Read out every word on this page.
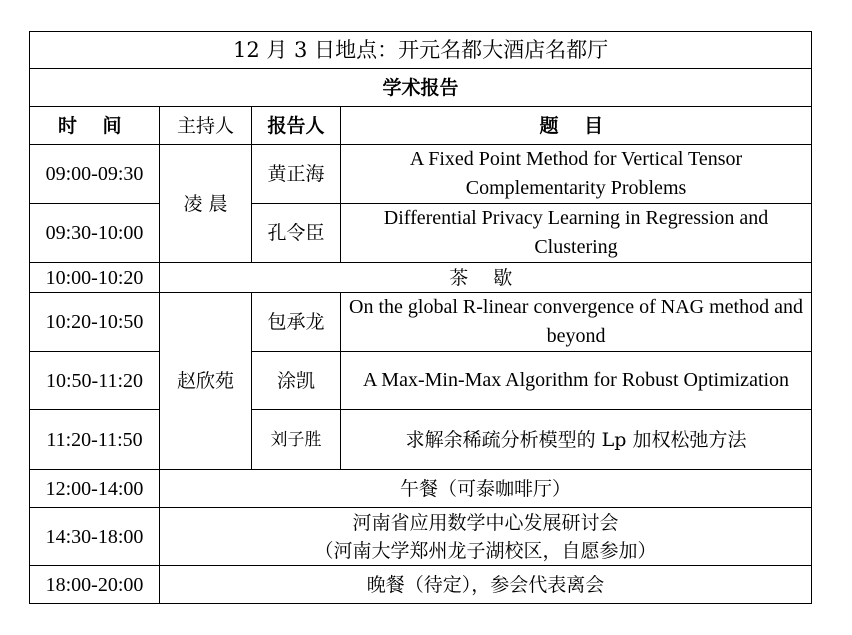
12 月 3 日地点：开元名都大酒店名都厅			
学术报告			
时 间	主持人	报告人	题 目
09:00-09:30	凌 晨	黄正海	A Fixed Point Method for Vertical Tensor Complementarity Problems
09:30-10:00		孔令臣	Differential Privacy Learning in Regression and Clustering
10:00-10:20	茶 歇		
10:20-10:50	赵欣苑	包承龙	On the global R-linear convergence of NAG method and beyond
10:50-11:20		涂凯	A Max-Min-Max Algorithm for Robust Optimization
11:20-11:50		刘子胜	求解余稀疏分析模型的 Lp 加权松弛方法
12:00-14:00	午餐（可泰咖啡厅）		
14:30-18:00	河南省应用数学中心发展研讨会
（河南大学郑州龙子湖校区，自愿参加）		

18:00-20:00	晚餐（待定），参会代表离会		
